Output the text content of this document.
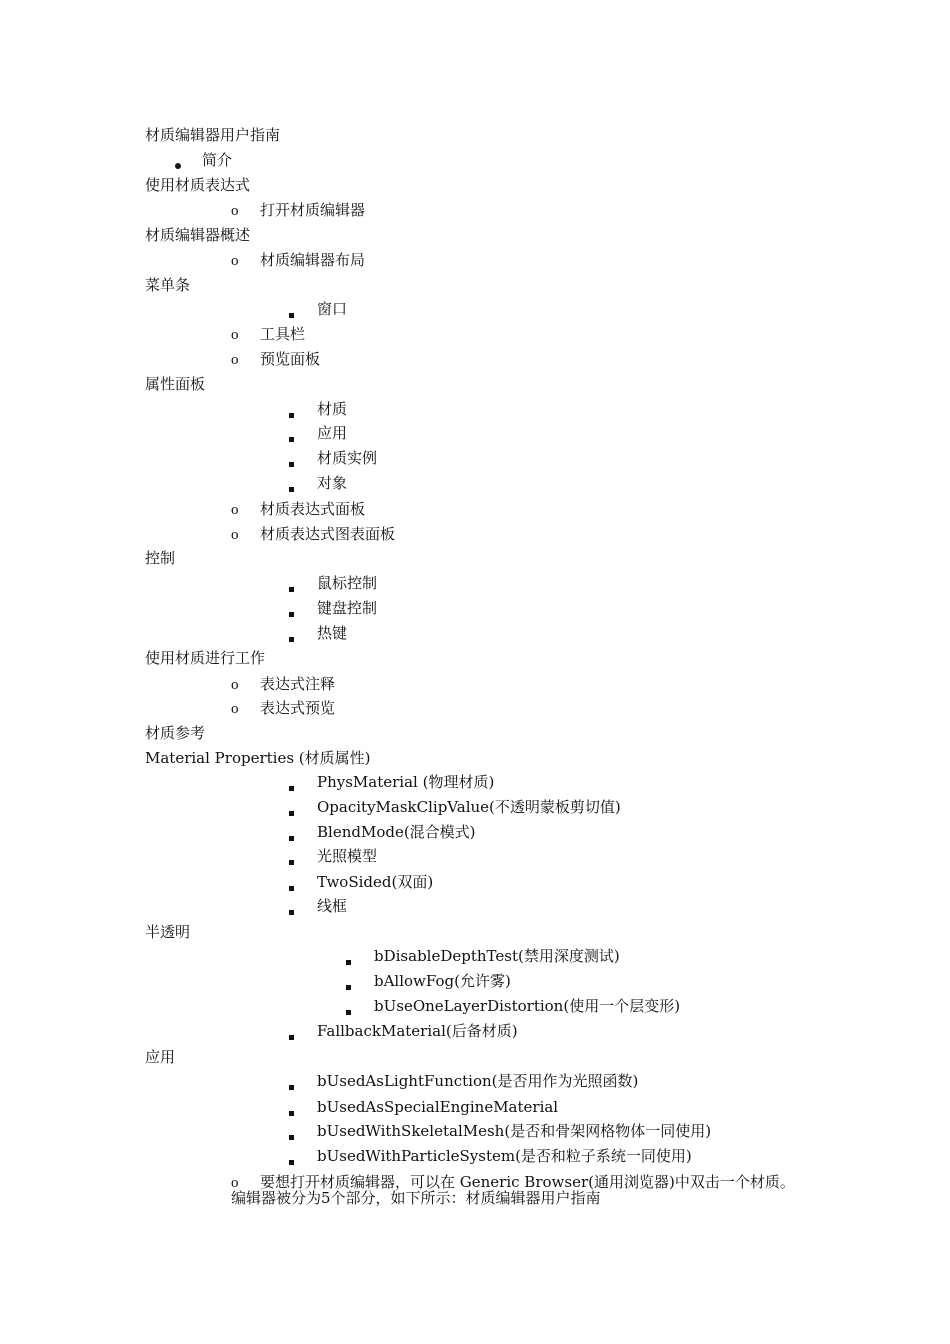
材质编辑器用户指南
简介
使用材质表达式
o 打开材质编辑器
材质编辑器概述
o 材质编辑器布局
菜单条
窗口
o 工具栏
o 预览面板
属性面板
材质
应用
材质实例
对象
o 材质表达式面板
o 材质表达式图表面板
控制
鼠标控制
键盘控制
热键
使用材质进行工作
o 表达式注释
o 表达式预览
材质参考
Material Properties (材质属性)
PhysMaterial (物理材质)
OpacityMaskClipValue(不透明蒙板剪切值)
BlendMode(混合模式)
光照模型
TwoSided(双面)
线框
半透明
bDisableDepthTest(禁用深度测试)
bAllowFog(允许雾)
bUseOneLayerDistortion(使用一个层变形)
FallbackMaterial(后备材质)
应用
bUsedAsLightFunction(是否用作为光照函数)
bUsedAsSpecialEngineMaterial
bUsedWithSkeletalMesh(是否和骨架网格物体一同使用)
bUsedWithParticleSystem(是否和粒子系统一同使用)
o 要想打开材质编辑器，可以在 Generic Browser(通用浏览器)中双击一个材质。
编辑器被分为5个部分，如下所示：材质编辑器用户指南
